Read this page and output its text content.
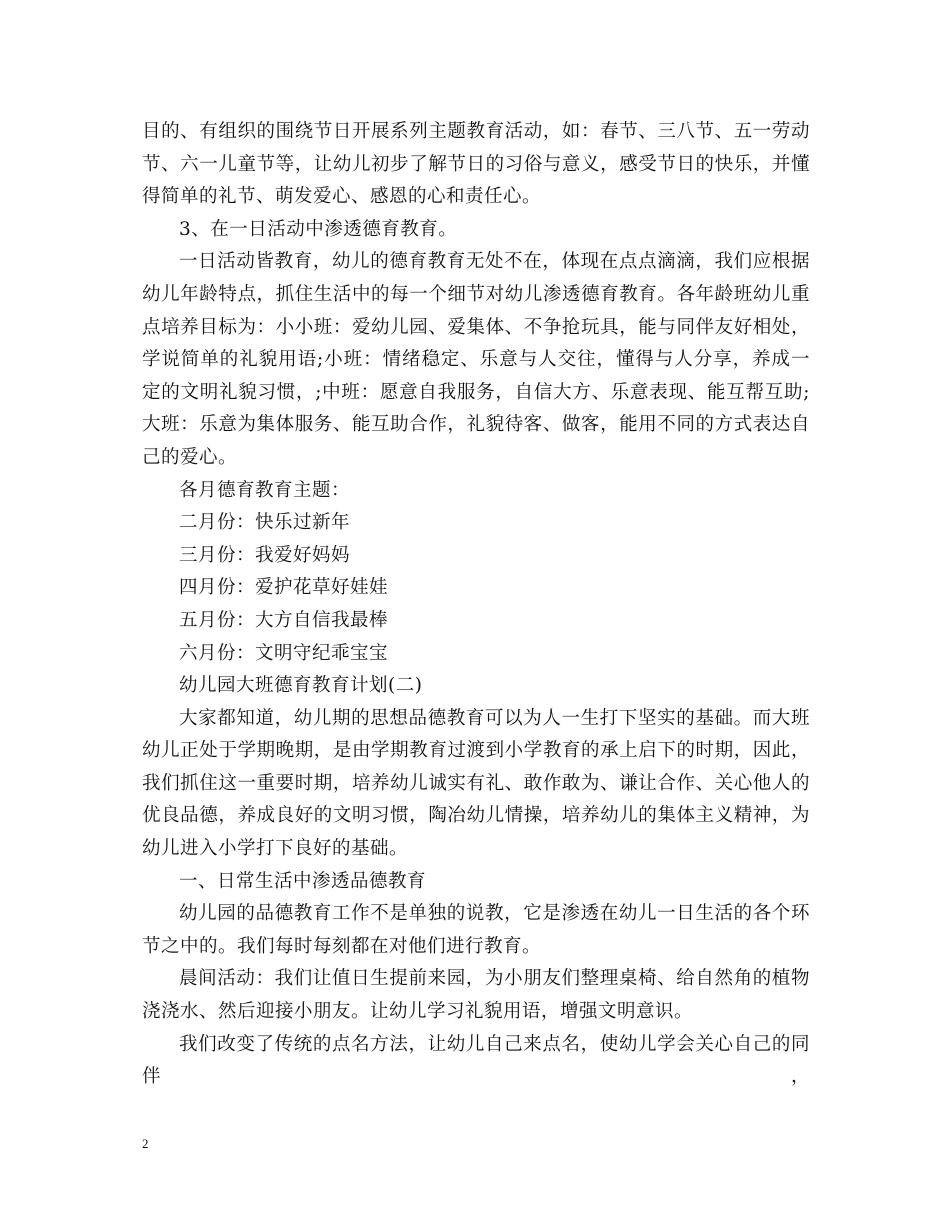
目的、有组织的围绕节日开展系列主题教育活动，如：春节、三八节、五一劳动节、六一儿童节等，让幼儿初步了解节日的习俗与意义，感受节日的快乐，并懂得简单的礼节、萌发爱心、感恩的心和责任心。

3、在一日活动中渗透德育教育。

一日活动皆教育，幼儿的德育教育无处不在，体现在点点滴滴，我们应根据幼儿年龄特点，抓住生活中的每一个细节对幼儿渗透德育教育。各年龄班幼儿重点培养目标为：小小班：爱幼儿园、爱集体、不争抢玩具，能与同伴友好相处，学说简单的礼貌用语;小班：情绪稳定、乐意与人交往，懂得与人分享，养成一定的文明礼貌习惯，;中班：愿意自我服务，自信大方、乐意表现、能互帮互助;大班：乐意为集体服务、能互助合作，礼貌待客、做客，能用不同的方式表达自己的爱心。

各月德育教育主题：

二月份：快乐过新年

三月份：我爱好妈妈

四月份：爱护花草好娃娃

五月份：大方自信我最棒

六月份：文明守纪乖宝宝

幼儿园大班德育教育计划(二)

大家都知道，幼儿期的思想品德教育可以为人一生打下坚实的基础。而大班幼儿正处于学期晚期，是由学期教育过渡到小学教育的承上启下的时期，因此，我们抓住这一重要时期，培养幼儿诚实有礼、敢作敢为、谦让合作、关心他人的优良品德，养成良好的文明习惯，陶冶幼儿情操，培养幼儿的集体主义精神，为幼儿进入小学打下良好的基础。

一、日常生活中渗透品德教育

幼儿园的品德教育工作不是单独的说教，它是渗透在幼儿一日生活的各个环节之中的。我们每时每刻都在对他们进行教育。

晨间活动：我们让值日生提前来园，为小朋友们整理桌椅、给自然角的植物浇浇水、然后迎接小朋友。让幼儿学习礼貌用语，增强文明意识。

我们改变了传统的点名方法，让幼儿自己来点名，使幼儿学会关心自己的同伴，

2
